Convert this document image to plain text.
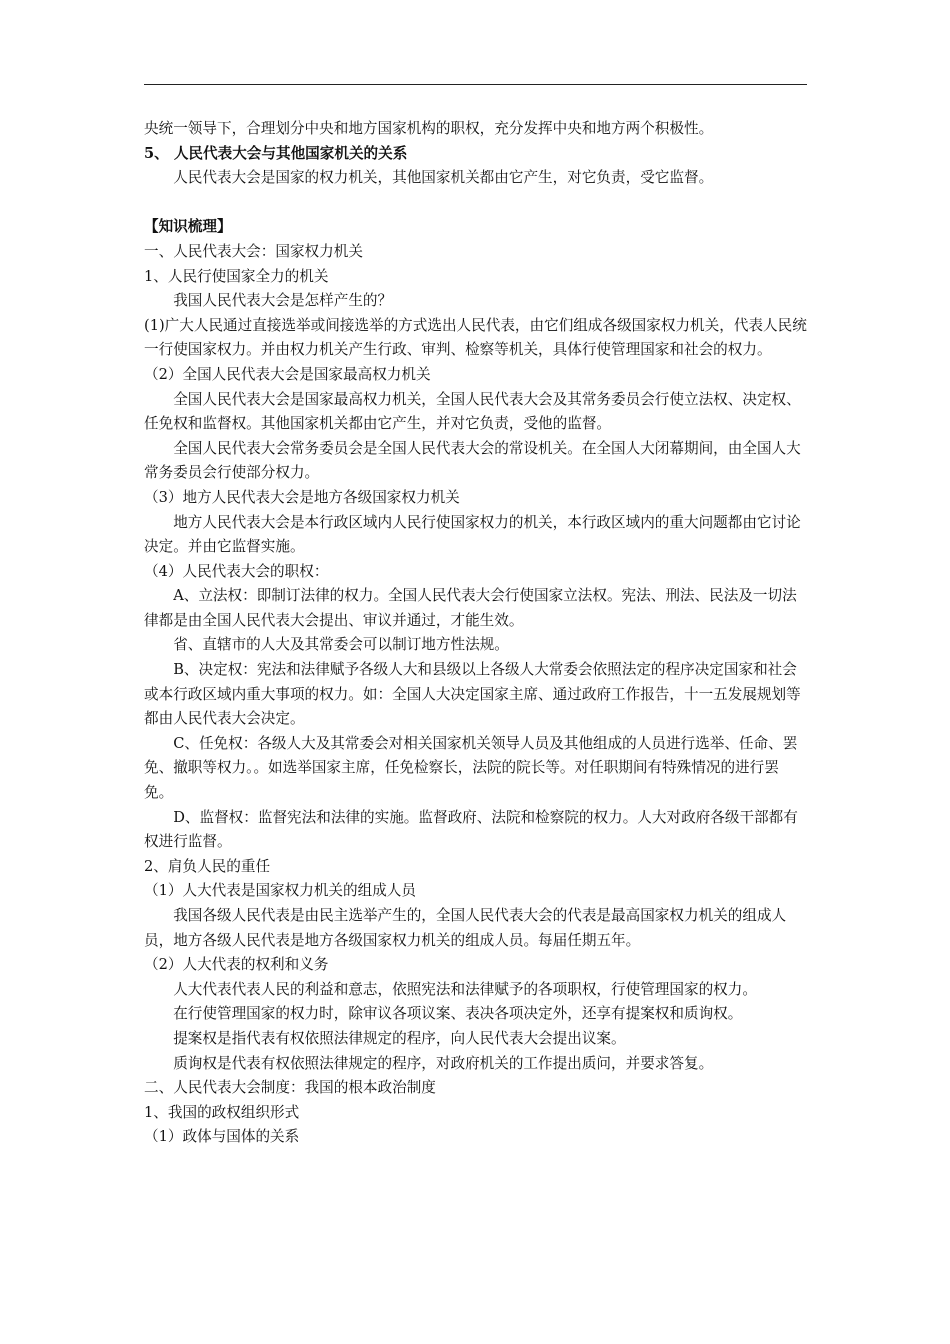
央统一领导下，合理划分中央和地方国家机构的职权，充分发挥中央和地方两个积极性。

5、 人民代表大会与其他国家机关的关系

人民代表大会是国家的权力机关，其他国家机关都由它产生，对它负责，受它监督。

【知识梳理】

一、人民代表大会：国家权力机关

1、人民行使国家全力的机关

我国人民代表大会是怎样产生的？

(1)广大人民通过直接选举或间接选举的方式选出人民代表，由它们组成各级国家权力机关，代表人民统一行使国家权力。并由权力机关产生行政、审判、检察等机关，具体行使管理国家和社会的权力。

（2）全国人民代表大会是国家最高权力机关

全国人民代表大会是国家最高权力机关，全国人民代表大会及其常务委员会行使立法权、决定权、任免权和监督权。其他国家机关都由它产生，并对它负责，受他的监督。

全国人民代表大会常务委员会是全国人民代表大会的常设机关。在全国人大闭幕期间，由全国人大常务委员会行使部分权力。

（3）地方人民代表大会是地方各级国家权力机关

地方人民代表大会是本行政区域内人民行使国家权力的机关，本行政区域内的重大问题都由它讨论决定。并由它监督实施。

（4）人民代表大会的职权：

A、立法权：即制订法律的权力。全国人民代表大会行使国家立法权。宪法、刑法、民法及一切法律都是由全国人民代表大会提出、审议并通过，才能生效。

省、直辖市的人大及其常委会可以制订地方性法规。

B、决定权：宪法和法律赋予各级人大和县级以上各级人大常委会依照法定的程序决定国家和社会或本行政区域内重大事项的权力。如：全国人大决定国家主席、通过政府工作报告，十一五发展规划等都由人民代表大会决定。

C、任免权：各级人大及其常委会对相关国家机关领导人员及其他组成的人员进行选举、任命、罢免、撤职等权力。。如选举国家主席，任免检察长，法院的院长等。对任职期间有特殊情况的进行罢免。

D、监督权：监督宪法和法律的实施。监督政府、法院和检察院的权力。人大对政府各级干部都有权进行监督。

2、肩负人民的重任

（1）人大代表是国家权力机关的组成人员

我国各级人民代表是由民主选举产生的，全国人民代表大会的代表是最高国家权力机关的组成人员，地方各级人民代表是地方各级国家权力机关的组成人员。每届任期五年。

（2）人大代表的权利和义务

人大代表代表人民的利益和意志，依照宪法和法律赋予的各项职权，行使管理国家的权力。

在行使管理国家的权力时，除审议各项议案、表决各项决定外，还享有提案权和质询权。

提案权是指代表有权依照法律规定的程序，向人民代表大会提出议案。

质询权是代表有权依照法律规定的程序，对政府机关的工作提出质问，并要求答复。

二、人民代表大会制度：我国的根本政治制度

1、我国的政权组织形式

（1）政体与国体的关系
